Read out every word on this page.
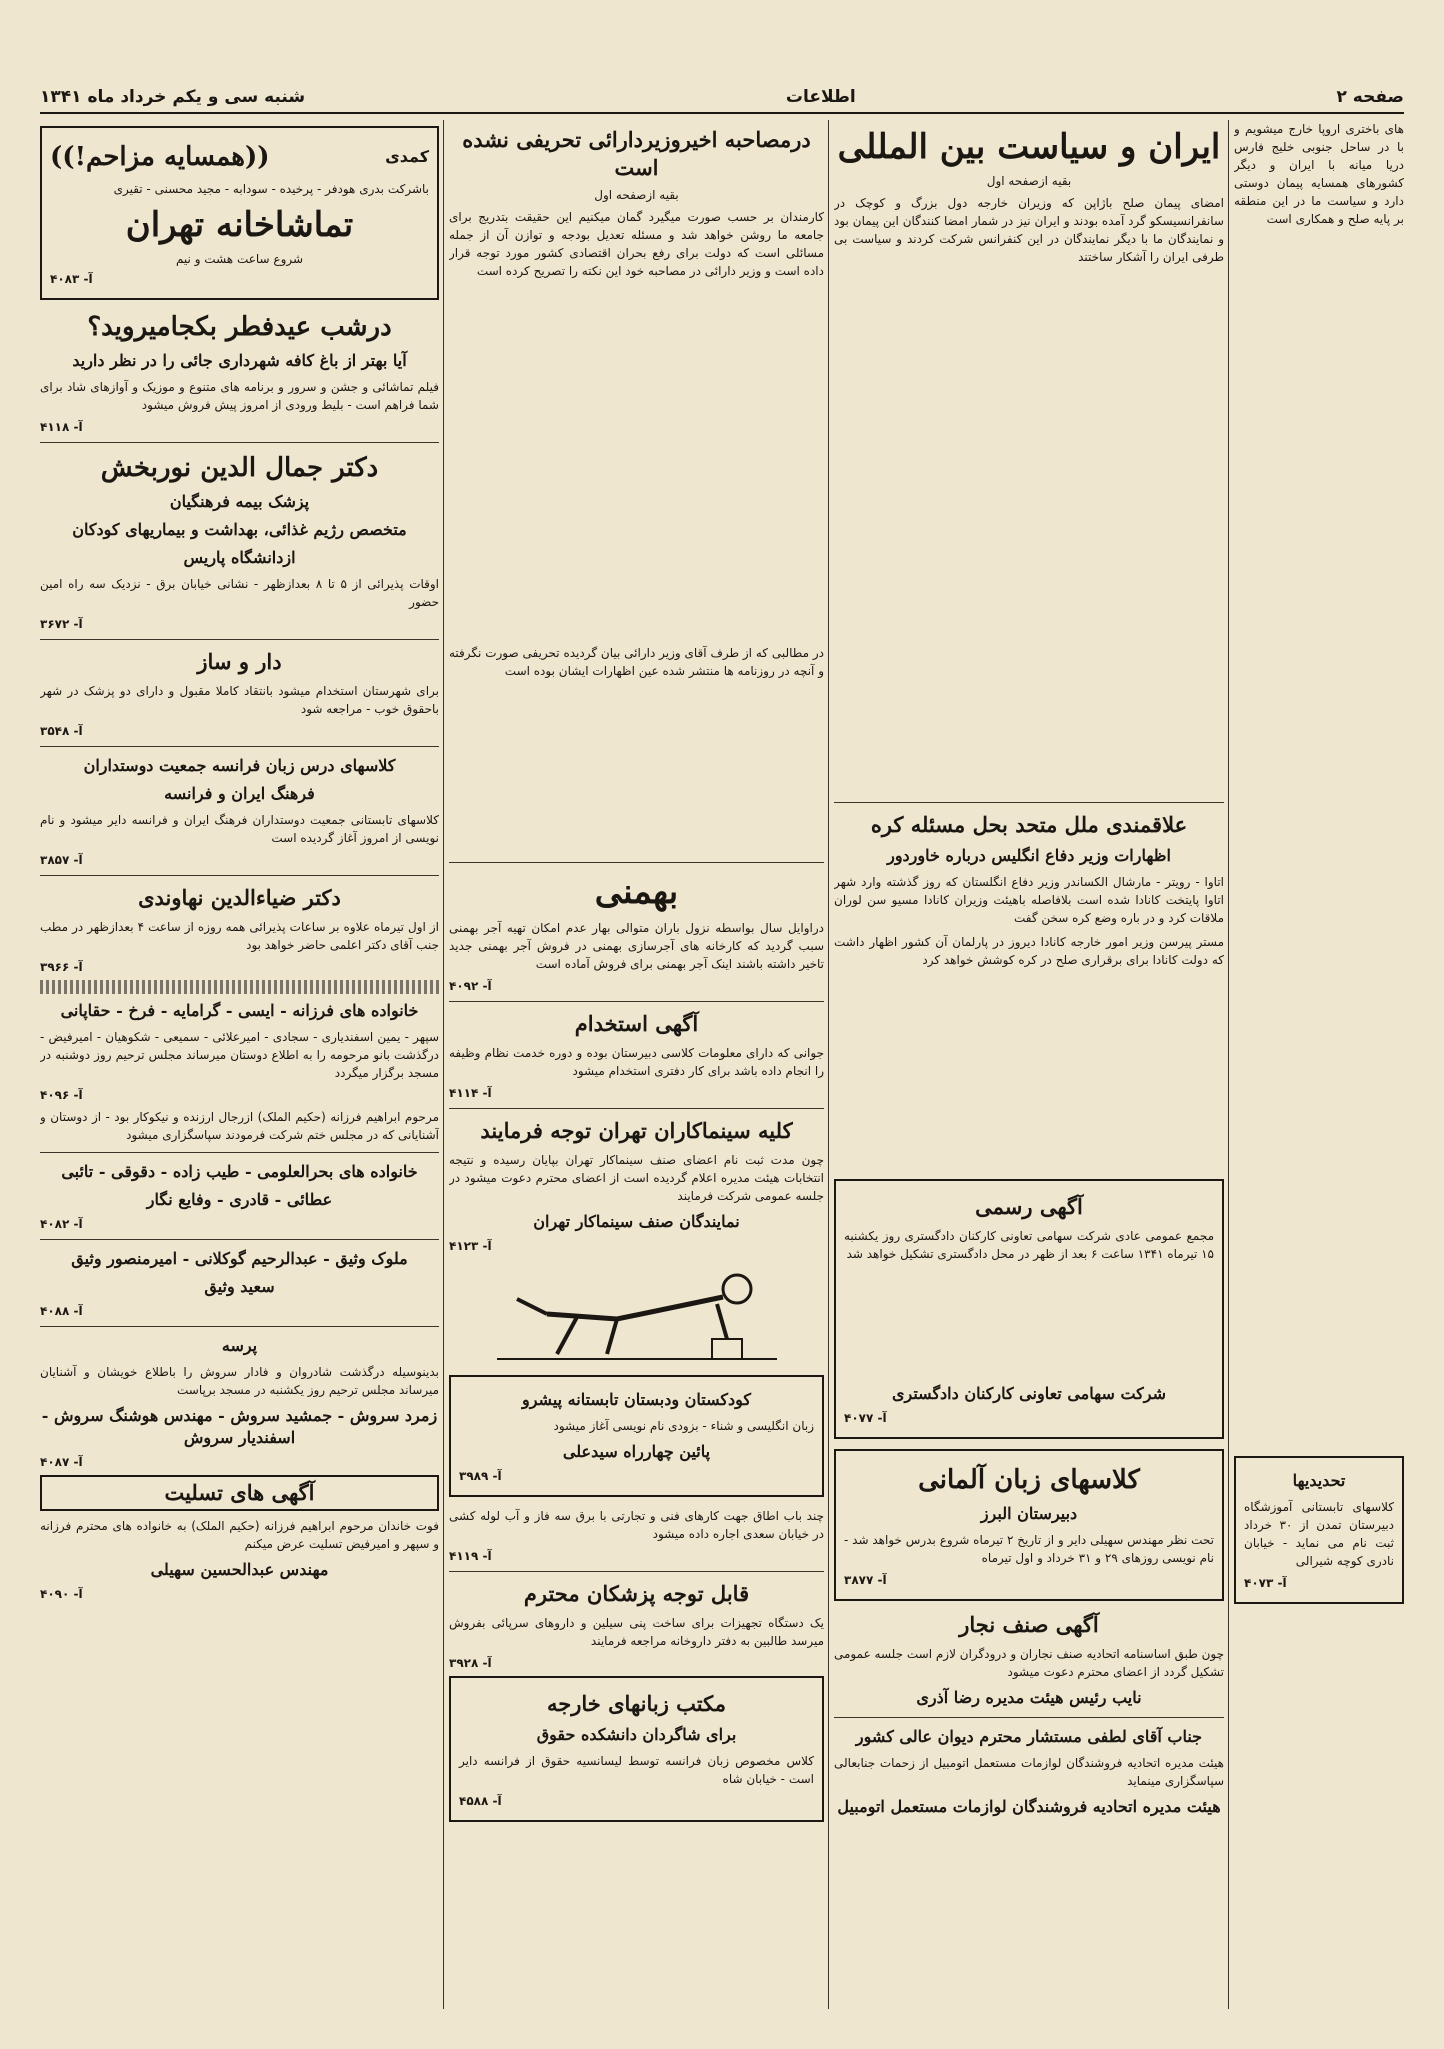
صفحه ۲
اطلاعات
شنبه سی و یکم خرداد ماه ۱۳۴۱

های باختری اروپا خارج میشویم و با در ساحل جنوبی خلیج فارس دریا میانه با ایران و دیگر کشورهای همسایه پیمان دوستی دارد و سیاست ما در این منطقه بر پایه صلح و همکاری است

تحدیدیها

کلاسهای تابستانی آموزشگاه دبیرستان تمدن از ۳۰ خرداد ثبت نام می نماید - خیابان نادری کوچه شیرالی

آ- ۴۰۷۳
ایران و سیاست بین المللی
بقیه ازصفحه اول

امضای پیمان صلح باژاپن که وزیران خارجه دول بزرگ و کوچک در سانفرانسیسکو گرد آمده بودند و ایران نیز در شمار امضا کنندگان این پیمان بود و نمایندگان ما با دیگر نمایندگان در این کنفرانس شرکت کردند و سیاست بی طرفی ایران را آشکار ساختند

علاقمندی ملل متحد بحل مسئله کره
اظهارات وزیر دفاع انگلیس درباره خاوردور

اتاوا - رویتر - مارشال الکساندر وزیر دفاع انگلستان که روز گذشته وارد شهر اتاوا پایتخت کانادا شده است بلافاصله باهیئت وزیران کانادا مسیو سن لوران ملاقات کرد و در باره وضع کره سخن گفت

مستر پیرسن وزیر امور خارجه کانادا دیروز در پارلمان آن کشور اظهار داشت که دولت کانادا برای برقراری صلح در کره کوشش خواهد کرد

آگهی رسمی

مجمع عمومی عادی شرکت سهامی تعاونی کارکنان دادگستری روز یکشنبه ۱۵ تیرماه ۱۳۴۱ ساعت ۶ بعد از ظهر در محل دادگستری تشکیل خواهد شد

شرکت سهامی تعاونی کارکنان دادگستری
آ- ۴۰۷۷
کلاسهای زبان آلمانی
دبیرستان البرز

تحت نظر مهندس سهیلی دایر و از تاریخ ۲ تیرماه شروع بدرس خواهد شد - نام نویسی روزهای ۲۹ و ۳۱ خرداد و اول تیرماه

آ- ۳۸۷۷
آگهی صنف نجار

چون طبق اساسنامه اتحادیه صنف نجاران و درودگران لازم است جلسه عمومی تشکیل گردد از اعضای محترم دعوت میشود

نایب رئیس هیئت مدیره رضا آذری
جناب آقای لطفی مستشار محترم دیوان عالی کشور

هیئت مدیره اتحادیه فروشندگان لوازمات مستعمل اتومبیل از زحمات جنابعالی سپاسگزاری مینماید

هیئت مدیره اتحادیه فروشندگان لوازمات مستعمل اتومبیل
درمصاحبه اخیروزیردارائی تحریفی نشده است
بقیه ازصفحه اول

کارمندان بر حسب صورت میگیرد گمان میکنیم این حقیقت بتدریج برای جامعه ما روشن خواهد شد و مسئله تعدیل بودجه و توازن آن از جمله مسائلی است که دولت برای رفع بحران اقتصادی کشور مورد توجه قرار داده است و وزیر دارائی در مصاحبه خود این نکته را تصریح کرده است

در مطالبی که از طرف آقای وزیر دارائی بیان گردیده تحریفی صورت نگرفته و آنچه در روزنامه ها منتشر شده عین اظهارات ایشان بوده است

بهمنی

دراوایل سال بواسطه نزول باران متوالی بهار عدم امکان تهیه آجر بهمنی سبب گردید که کارخانه های آجرسازی بهمنی در فروش آجر بهمنی جدید تاخیر داشته باشند اینک آجر بهمنی برای فروش آماده است

آ- ۴۰۹۲
آگهی استخدام

جوانی که دارای معلومات کلاسی دبیرستان بوده و دوره خدمت نظام وظیفه را انجام داده باشد برای کار دفتری استخدام میشود

آ- ۴۱۱۴
کلیه سینماکاران تهران توجه فرمایند

چون مدت ثبت نام اعضای صنف سینماکار تهران بپایان رسیده و نتیجه انتخابات هیئت مدیره اعلام گردیده است از اعضای محترم دعوت میشود در جلسه عمومی شرکت فرمایند

نمایندگان صنف سینماکار تهران
آ- ۴۱۲۳
کودکستان ودبستان تابستانه پیشرو

زبان انگلیسی و شناء - بزودی نام نویسی آغاز میشود

پائین چهارراه سیدعلی
آ- ۳۹۸۹

چند باب اطاق جهت کارهای فنی و تجارتی با برق سه فاز و آب لوله کشی در خیابان سعدی اجاره داده میشود

آ- ۴۱۱۹
قابل توجه پزشکان محترم

یک دستگاه تجهیزات برای ساخت پنی سیلین و داروهای سرپائی بفروش میرسد طالبین به دفتر داروخانه مراجعه فرمایند

آ- ۳۹۲۸
مکتب زبانهای خارجه
برای شاگردان دانشکده حقوق

کلاس مخصوص زبان فرانسه توسط لیسانسیه حقوق از فرانسه دایر است - خیابان شاه

آ- ۴۵۸۸
کمدی
((همسایه مزاحم!))

باشرکت بدری هودفر - پرخیده - سودابه - مجید محسنی - تقیری

تماشاخانه تهران
شروع ساعت هشت و نیم
آ- ۴۰۸۳
درشب عیدفطر بکجامیروید؟
آیا بهتر از باغ کافه شهرداری جائی را در نظر دارید

فیلم تماشائی و جشن و سرور و برنامه های متنوع و موزیک و آوازهای شاد برای شما فراهم است - بلیط ورودی از امروز پیش فروش میشود

آ- ۴۱۱۸
دکتر جمال الدین نوربخش
پزشک بیمه فرهنگیان
متخصص رژیم غذائی، بهداشت و بیماریهای کودکان
ازدانشگاه پاریس

اوقات پذیرائی از ۵ تا ۸ بعدازظهر - نشانی خیابان برق - نزدیک سه راه امین حضور

آ- ۳۶۷۲
دار و ساز

برای شهرستان استخدام میشود بانتقاد کاملا مقبول و دارای دو پزشک در شهر باحقوق خوب - مراجعه شود

آ- ۳۵۴۸
کلاسهای درس زبان فرانسه جمعیت دوستداران
فرهنگ ایران و فرانسه

کلاسهای تابستانی جمعیت دوستداران فرهنگ ایران و فرانسه دایر میشود و نام نویسی از امروز آغاز گردیده است

آ- ۳۸۵۷
دکتر ضیاءالدین نهاوندی

از اول تیرماه علاوه بر ساعات پذیرائی همه روزه از ساعت ۴ بعدازظهر در مطب جنب آقای دکتر اعلمی حاضر خواهد بود

آ- ۳۹۶۶
خانواده های فرزانه - ایسی - گرامایه - فرخ - حقاپانی

سپهر - یمین اسفندیاری - سجادی - امیرعلائی - سمیعی - شکوهیان - امیرفیض - درگذشت بانو مرحومه را به اطلاع دوستان میرساند مجلس ترحیم روز دوشنبه در مسجد برگزار میگردد

آ- ۴۰۹۶

مرحوم ابراهیم فرزانه (حکیم الملک) ازرجال ارزنده و نیکوکار بود - از دوستان و آشنایانی که در مجلس ختم شرکت فرمودند سپاسگزاری میشود

خانواده های بحرالعلومی - طیب زاده - دقوقی - تائبی
عطائی - قادری - وفایع نگار
آ- ۴۰۸۲
ملوک وثیق - عبدالرحیم گوکلانی - امیرمنصور وثیق
سعید وثیق
آ- ۴۰۸۸
پرسه

بدینوسیله درگذشت شادروان و فادار سروش را باطلاع خویشان و آشنایان میرساند مجلس ترحیم روز یکشنبه در مسجد برپاست

زمرد سروش - جمشید سروش - مهندس هوشنگ سروش - اسفندیار سروش
آ- ۴۰۸۷
آگهی های تسلیت

فوت خاندان مرحوم ابراهیم فرزانه (حکیم الملک) به خانواده های محترم فرزانه و سپهر و امیرفیض تسلیت عرض میکنم

مهندس عبدالحسین سهیلی
آ- ۴۰۹۰
